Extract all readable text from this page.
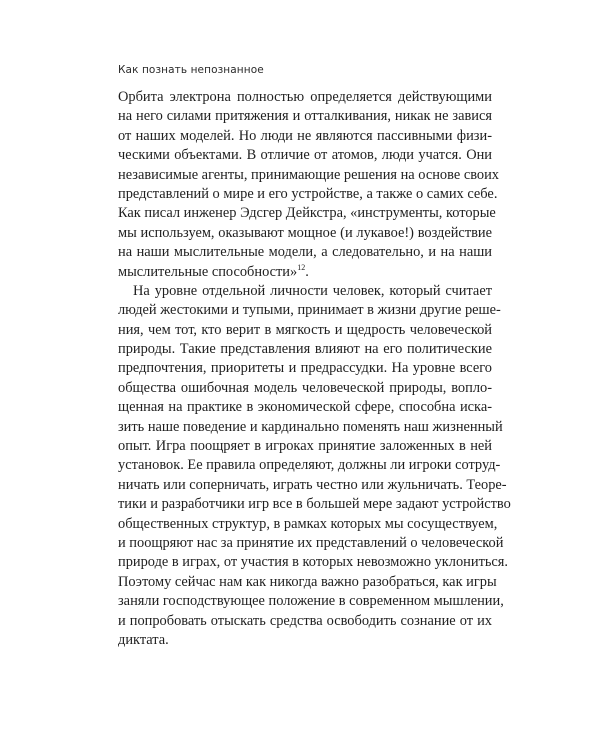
Как познать непознанное
Орбита электрона полностью определяется действующими
на него силами притяжения и отталкивания, никак не завися
от наших моделей. Но люди не являются пассивными физи-
ческими объектами. В отличие от атомов, люди учатся. Они
независимые агенты, принимающие решения на основе своих
представлений о мире и его устройстве, а также о самих себе.
Как писал инженер Эдсгер Дейкстра, «инструменты, которые
мы используем, оказывают мощное (и лукавое!) воздействие
на наши мыслительные модели, а следовательно, и на наши
мыслительные способности»$^{12}$.
На уровне отдельной личности человек, который считает
людей жестокими и тупыми, принимает в жизни другие реше-
ния, чем тот, кто верит в мягкость и щедрость человеческой
природы. Такие представления влияют на его политические
предпочтения, приоритеты и предрассудки. На уровне всего
общества ошибочная модель человеческой природы, вопло-
щенная на практике в экономической сфере, способна иска-
зить наше поведение и кардинально поменять наш жизненный
опыт. Игра поощряет в игроках принятие заложенных в ней
установок. Ее правила определяют, должны ли игроки сотруд-
ничать или соперничать, играть честно или жульничать. Теоре-
тики и разработчики игр все в большей мере задают устройство
общественных структур, в рамках которых мы сосуществуем,
и поощряют нас за принятие их представлений о человеческой
природе в играх, от участия в которых невозможно уклониться.
Поэтому сейчас нам как никогда важно разобраться, как игры
заняли господствующее положение в современном мышлении,
и попробовать отыскать средства освободить сознание от их
диктата.
